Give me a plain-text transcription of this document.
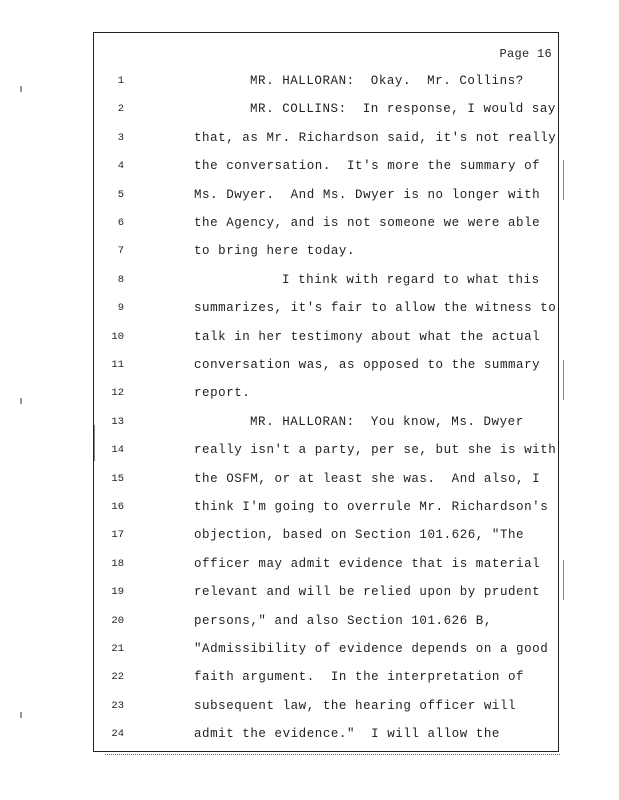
Page 16
1	MR. HALLORAN:  Okay.  Mr. Collins?
2	MR. COLLINS:  In response, I would say
3	that, as Mr. Richardson said, it's not really
4	the conversation.  It's more the summary of
5	Ms. Dwyer.  And Ms. Dwyer is no longer with
6	the Agency, and is not someone we were able
7	to bring here today.
8	I think with regard to what this
9	summarizes, it's fair to allow the witness to
10	talk in her testimony about what the actual
11	conversation was, as opposed to the summary
12	report.
13	MR. HALLORAN:  You know, Ms. Dwyer
14	really isn't a party, per se, but she is with
15	the OSFM, or at least she was.  And also, I
16	think I'm going to overrule Mr. Richardson's
17	objection, based on Section 101.626, "The
18	officer may admit evidence that is material
19	relevant and will be relied upon by prudent
20	persons," and also Section 101.626 B,
21	"Admissibility of evidence depends on a good
22	faith argument.  In the interpretation of
23	subsequent law, the hearing officer will
24	admit the evidence."  I will allow the
